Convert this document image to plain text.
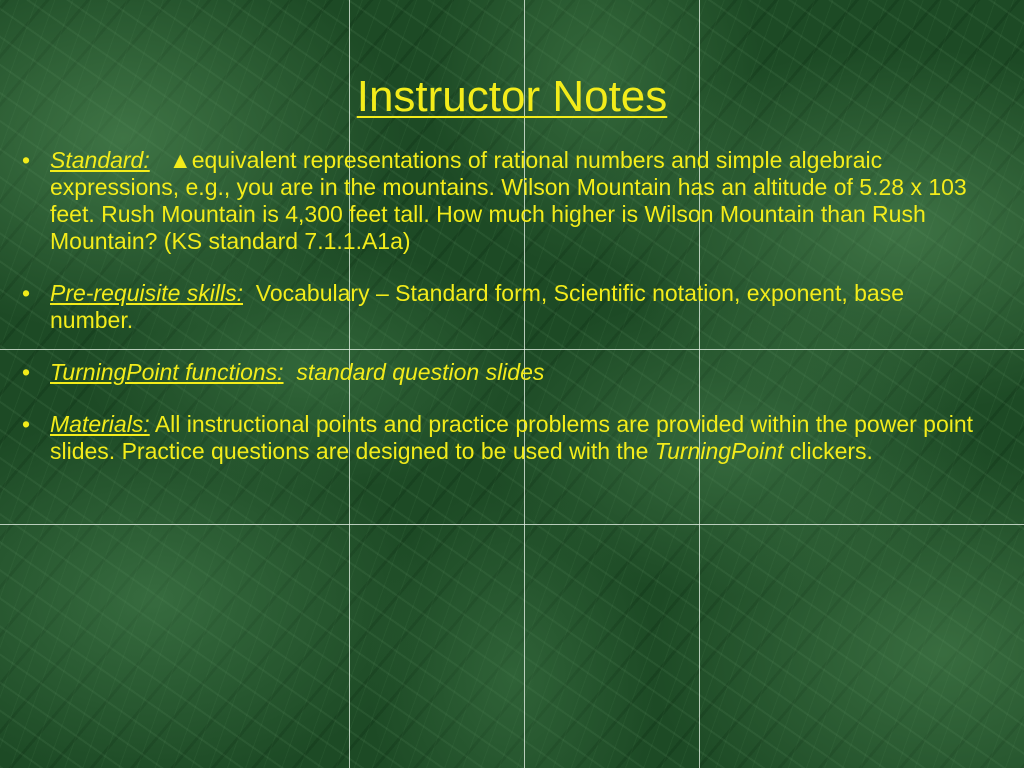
Instructor Notes
• Standard: ▲equivalent representations of rational numbers and simple algebraic expressions, e.g., you are in the mountains. Wilson Mountain has an altitude of 5.28 x 103 feet. Rush Mountain is 4,300 feet tall. How much higher is Wilson Mountain than Rush Mountain? (KS standard 7.1.1.A1a)
• Pre-requisite skills: Vocabulary – Standard form, Scientific notation, exponent, base number.
• TurningPoint functions: standard question slides
• Materials: All instructional points and practice problems are provided within the power point slides. Practice questions are designed to be used with the TurningPoint clickers.
